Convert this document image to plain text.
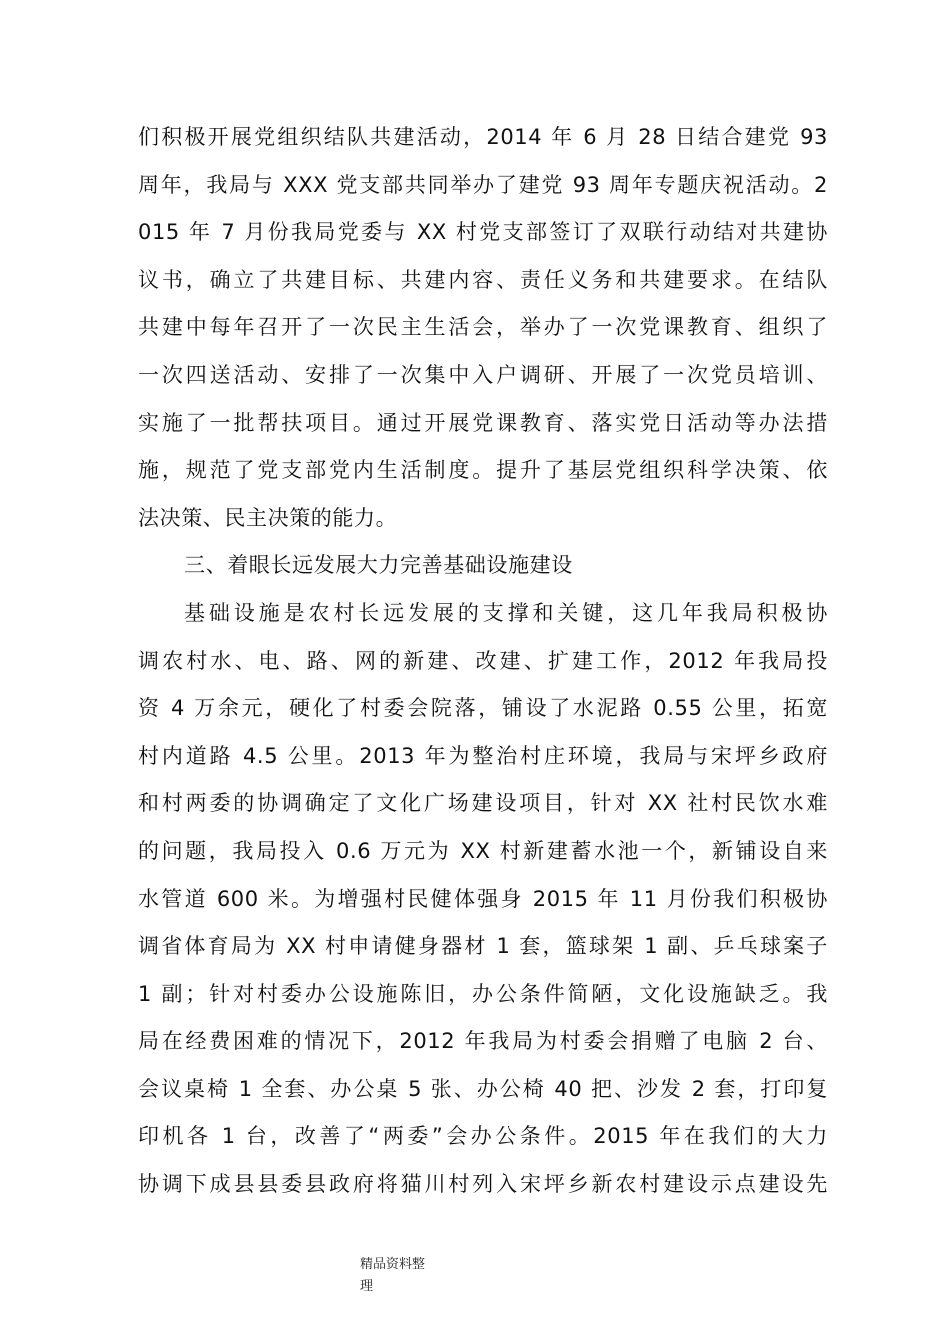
们积极开展党组织结队共建活动，2014 年 6 月 28 日结合建党 93
周年，我局与 XXX 党支部共同举办了建党 93 周年专题庆祝活动。2
015 年 7 月份我局党委与 XX 村党支部签订了双联行动结对共建协
议书，确立了共建目标、共建内容、责任义务和共建要求。在结队
共建中每年召开了一次民主生活会，举办了一次党课教育、组织了
一次四送活动、安排了一次集中入户调研、开展了一次党员培训、
实施了一批帮扶项目。通过开展党课教育、落实党日活动等办法措
施，规范了党支部党内生活制度。提升了基层党组织科学决策、依
法决策、民主决策的能力。
三、着眼长远发展大力完善基础设施建设
基础设施是农村长远发展的支撑和关键，这几年我局积极协
调农村水、电、路、网的新建、改建、扩建工作，2012 年我局投
资 4 万余元，硬化了村委会院落，铺设了水泥路 0.55 公里，拓宽
村内道路 4.5 公里。2013 年为整治村庄环境，我局与宋坪乡政府
和村两委的协调确定了文化广场建设项目，针对 XX 社村民饮水难
的问题，我局投入 0.6 万元为 XX 村新建蓄水池一个，新铺设自来
水管道 600 米。为增强村民健体强身 2015 年 11 月份我们积极协
调省体育局为 XX 村申请健身器材 1 套，篮球架 1 副、乒乓球案子
1 副；针对村委办公设施陈旧，办公条件简陋，文化设施缺乏。我
局在经费困难的情况下，2012 年我局为村委会捐赠了电脑 2 台、
会议桌椅 1 全套、办公桌 5 张、办公椅 40 把、沙发 2 套，打印复
印机各 1 台，改善了“两委”会办公条件。2015 年在我们的大力
协调下成县县委县政府将猫川村列入宋坪乡新农村建设示点建设先
精品资料整
理
